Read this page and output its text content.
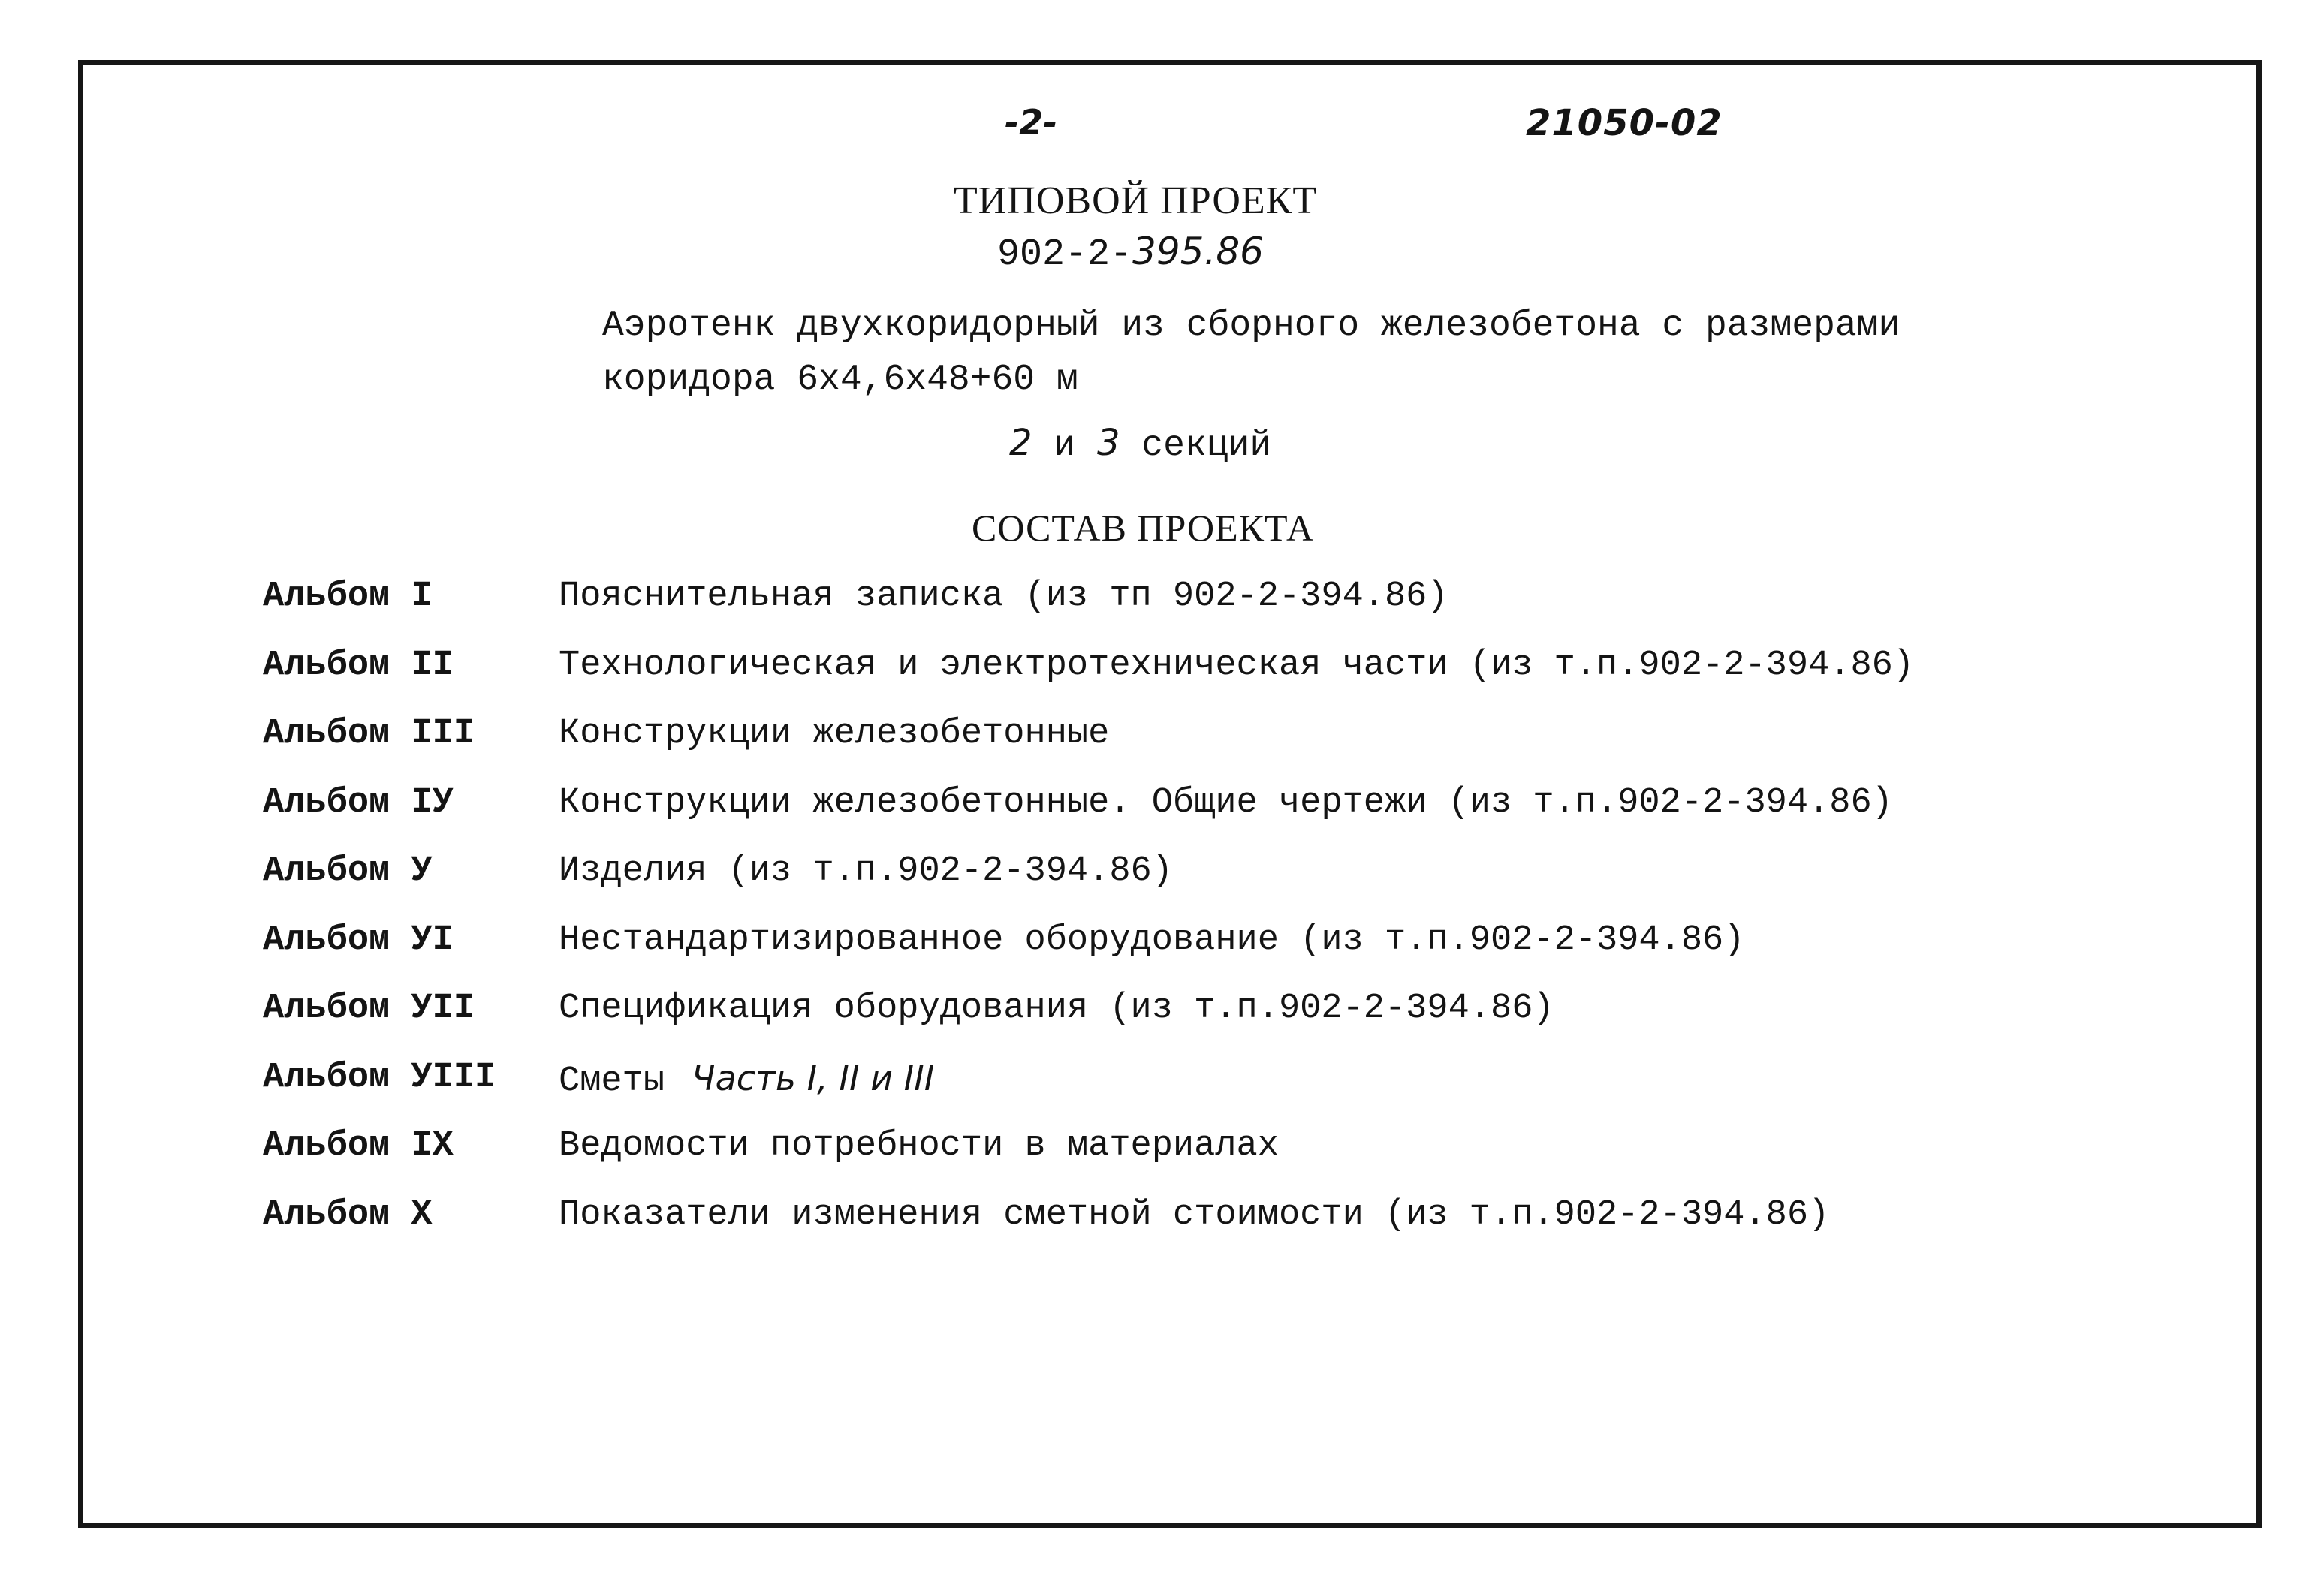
-2-	21050-02
ТИПОВОЙ ПРОЕКТ
902-2-395.86
Аэротенк двухкоридорный из сборного железобетона с размерами
коридора 6х4,6х48+60 м
2 и 3 секций
СОСТАВ ПРОЕКТА
Альбом I	Пояснительная записка (из тп 902-2-394.86)
Альбом II	Технологическая и электротехническая части (из т.п.902-2-394.86)
Альбом III Конструкции железобетонные
Альбом IУ	Конструкции железобетонные. Общие чертежи (из т.п.902-2-394.86)
Альбом У	Изделия (из т.п.902-2-394.86)
Альбом УI	Нестандартизированное оборудование (из т.п.902-2-394.86)
Альбом УII Спецификация оборудования (из т.п.902-2-394.86)
Альбом УIII Сметы Часть I, II и III
Альбом IX	Ведомости потребности в материалах
Альбом X	Показатели изменения сметной стоимости (из т.п.902-2-394.86)
